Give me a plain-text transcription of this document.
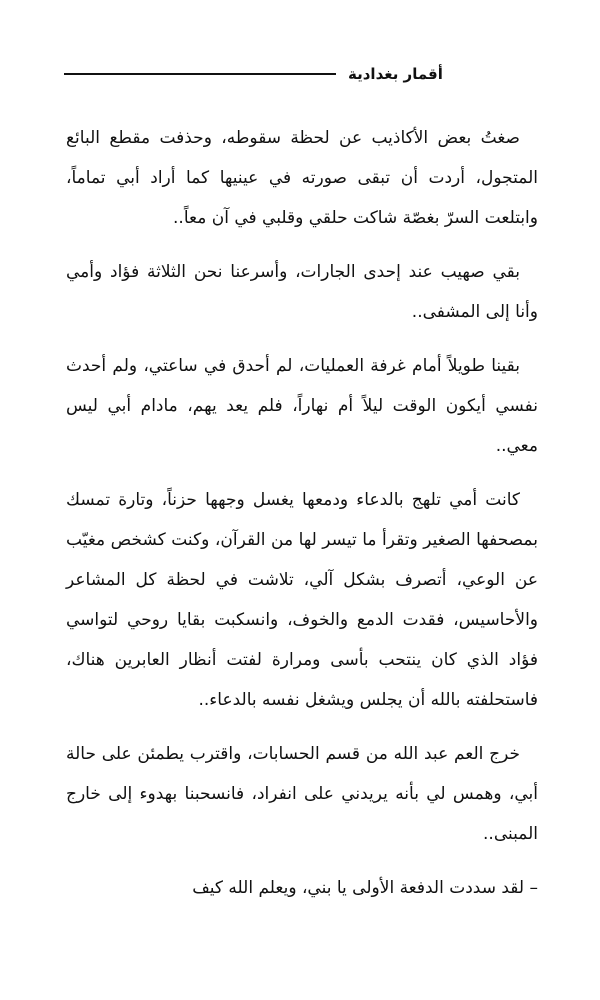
أقمار بغدادية

صغتُ بعض الأكاذيب عن لحظة سقوطه، وحذفت مقطع البائع المتجول، أردت أن تبقى صورته في عينيها كما أراد أبي تماماً، وابتلعت السرّ بغصّة شاكت حلقي وقلبي في آن معاً..

بقي صهيب عند إحدى الجارات، وأسرعنا نحن الثلاثة فؤاد وأمي وأنا إلى المشفى..

بقينا طويلاً أمام غرفة العمليات، لم أحدق في ساعتي، ولم أحدث نفسي أيكون الوقت ليلاً أم نهاراً، فلم يعد يهم، مادام أبي ليس معي..

كانت أمي تلهج بالدعاء ودمعها يغسل وجهها حزناً، وتارة تمسك بمصحفها الصغير وتقرأ ما تيسر لها من القرآن، وكنت كشخص مغيّب عن الوعي، أتصرف بشكل آلي، تلاشت في لحظة كل المشاعر والأحاسيس، فقدت الدمع والخوف، وانسكبت بقايا روحي لتواسي فؤاد الذي كان ينتحب بأسى ومرارة لفتت أنظار العابرين هناك، فاستحلفته بالله أن يجلس ويشغل نفسه بالدعاء..

خرج العم عبد الله من قسم الحسابات، واقترب يطمئن على حالة أبي، وهمس لي بأنه يريدني على انفراد، فانسحبنا بهدوء إلى خارج المبنى..

– لقد سددت الدفعة الأولى يا بني، ويعلم الله كيف
